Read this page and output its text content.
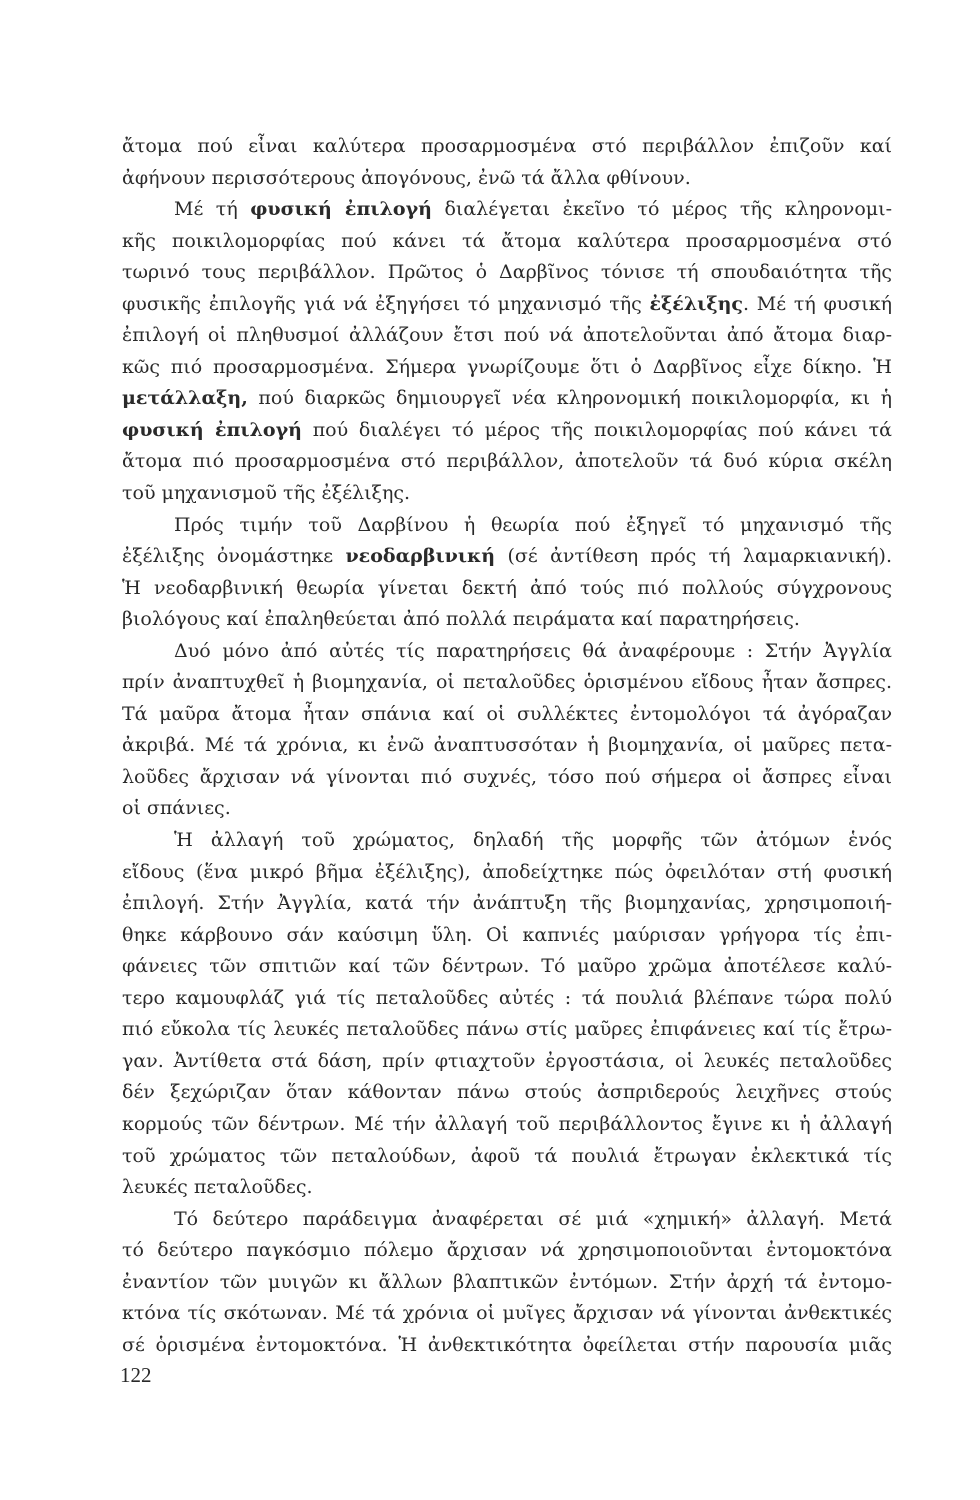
ἄτομα πού εἶναι καλύτερα προσαρμοσμένα στό περιβάλλον ἐπιζοῦν καί
ἀφήνουν περισσότερους ἀπογόνους, ἐνῶ τά ἄλλα φθίνουν.
Μέ τή φυσική ἐπιλογή διαλέγεται ἐκεῖνο τό μέρος τῆς κληρονομι-
κῆς ποικιλομορφίας πού κάνει τά ἄτομα καλύτερα προσαρμοσμένα στό
τωρινό τους περιβάλλον. Πρῶτος ὁ Δαρβῖνος τόνισε τή σπουδαιότητα τῆς
φυσικῆς ἐπιλογῆς γιά νά ἐξηγήσει τό μηχανισμό τῆς ἐξέλιξης. Μέ τή φυσική
ἐπιλογή οἱ πληθυσμοί ἀλλάζουν ἔτσι πού νά ἀποτελοῦνται ἀπό ἄτομα διαρ-
κῶς πιό προσαρμοσμένα. Σήμερα γνωρίζουμε ὅτι ὁ Δαρβῖνος εἶχε δίκηο. Ἡ
μετάλλαξη, πού διαρκῶς δημιουργεῖ νέα κληρονομική ποικιλομορφία, κι ἡ
φυσική ἐπιλογή πού διαλέγει τό μέρος τῆς ποικιλομορφίας πού κάνει τά
ἄτομα πιό προσαρμοσμένα στό περιβάλλον, ἀποτελοῦν τά δυό κύρια σκέλη
τοῦ μηχανισμοῦ τῆς ἐξέλιξης.
Πρός τιμήν τοῦ Δαρβίνου ἡ θεωρία πού ἐξηγεῖ τό μηχανισμό τῆς
ἐξέλιξης ὀνομάστηκε νεοδαρβινική (σέ ἀντίθεση πρός τή λαμαρκιανική).
Ἡ νεοδαρβινική θεωρία γίνεται δεκτή ἀπό τούς πιό πολλούς σύγχρονους
βιολόγους καί ἐπαληθεύεται ἀπό πολλά πειράματα καί παρατηρήσεις.
Δυό μόνο ἀπό αὐτές τίς παρατηρήσεις θά ἀναφέρουμε : Στήν Ἀγγλία
πρίν ἀναπτυχθεῖ ἡ βιομηχανία, οἱ πεταλοῦδες ὁρισμένου εἴδους ἦταν ἄσπρες.
Τά μαῦρα ἄτομα ἦταν σπάνια καί οἱ συλλέκτες ἐντομολόγοι τά ἀγόραζαν
ἀκριβά. Μέ τά χρόνια, κι ἐνῶ ἀναπτυσσόταν ἡ βιομηχανία, οἱ μαῦρες πετα-
λοῦδες ἄρχισαν νά γίνονται πιό συχνές, τόσο πού σήμερα οἱ ἄσπρες εἶναι
οἱ σπάνιες.
Ἡ ἀλλαγή τοῦ χρώματος, δηλαδή τῆς μορφῆς τῶν ἀτόμων ἑνός
εἴδους (ἕνα μικρό βῆμα ἐξέλιξης), ἀποδείχτηκε πώς ὀφειλόταν στή φυσική
ἐπιλογή. Στήν Ἀγγλία, κατά τήν ἀνάπτυξη τῆς βιομηχανίας, χρησιμοποιή-
θηκε κάρβουνο σάν καύσιμη ὕλη. Οἱ καπνιές μαύρισαν γρήγορα τίς ἐπι-
φάνειες τῶν σπιτιῶν καί τῶν δέντρων. Τό μαῦρο χρῶμα ἀποτέλεσε καλύ-
τερο καμουφλάζ γιά τίς πεταλοῦδες αὐτές : τά πουλιά βλέπανε τώρα πολύ
πιό εὔκολα τίς λευκές πεταλοῦδες πάνω στίς μαῦρες ἐπιφάνειες καί τίς ἔτρω-
γαν. Ἀντίθετα στά δάση, πρίν φτιαχτοῦν ἐργοστάσια, οἱ λευκές πεταλοῦδες
δέν ξεχώριζαν ὅταν κάθονταν πάνω στούς ἀσπριδερούς λειχῆνες στούς
κορμούς τῶν δέντρων. Μέ τήν ἀλλαγή τοῦ περιβάλλοντος ἔγινε κι ἡ ἀλλαγή
τοῦ χρώματος τῶν πεταλούδων, ἀφοῦ τά πουλιά ἔτρωγαν ἐκλεκτικά τίς
λευκές πεταλοῦδες.
Τό δεύτερο παράδειγμα ἀναφέρεται σέ μιά «χημική» ἀλλαγή. Μετά
τό δεύτερο παγκόσμιο πόλεμο ἄρχισαν νά χρησιμοποιοῦνται ἐντομοκτόνα
ἐναντίον τῶν μυιγῶν κι ἄλλων βλαπτικῶν ἐντόμων. Στήν ἀρχή τά ἐντομο-
κτόνα τίς σκότωναν. Μέ τά χρόνια οἱ μυῖγες ἄρχισαν νά γίνονται ἀνθεκτικές
σέ ὁρισμένα ἐντομοκτόνα. Ἡ ἀνθεκτικότητα ὀφείλεται στήν παρουσία μιᾶς
122
